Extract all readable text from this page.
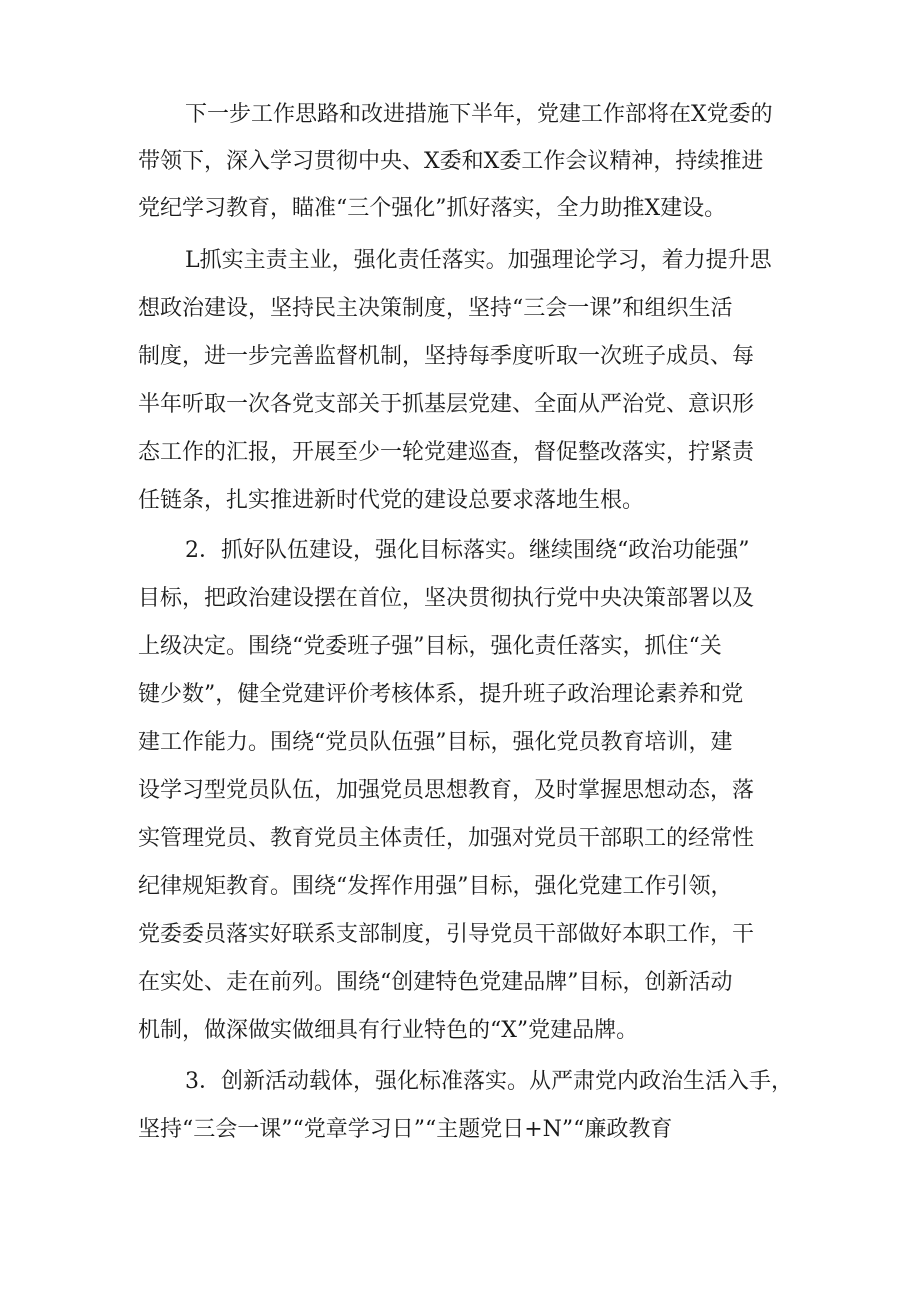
下一步工作思路和改进措施下半年，党建工作部将在X党委的

带领下，深入学习贯彻中央、X委和X委工作会议精神，持续推进

党纪学习教育，瞄准“三个强化”抓好落实，全力助推X建设。

L抓实主责主业，强化责任落实。加强理论学习，着力提升思

想政治建设，坚持民主决策制度，坚持“三会一课”和组织生活

制度，进一步完善监督机制，坚持每季度听取一次班子成员、每

半年听取一次各党支部关于抓基层党建、全面从严治党、意识形

态工作的汇报，开展至少一轮党建巡查，督促整改落实，拧紧责

任链条，扎实推进新时代党的建设总要求落地生根。

2．抓好队伍建设，强化目标落实。继续围绕“政治功能强”

目标，把政治建设摆在首位，坚决贯彻执行党中央决策部署以及

上级决定。围绕“党委班子强”目标，强化责任落实，抓住“关

键少数”，健全党建评价考核体系，提升班子政治理论素养和党

建工作能力。围绕“党员队伍强”目标，强化党员教育培训，建

设学习型党员队伍，加强党员思想教育，及时掌握思想动态，落

实管理党员、教育党员主体责任，加强对党员干部职工的经常性

纪律规矩教育。围绕“发挥作用强”目标，强化党建工作引领，

党委委员落实好联系支部制度，引导党员干部做好本职工作，干

在实处、走在前列。围绕“创建特色党建品牌”目标，创新活动

机制，做深做实做细具有行业特色的“X”党建品牌。

3．创新活动载体，强化标准落实。从严肃党内政治生活入手，

坚持“三会一课”“党章学习日”“主题党日+N”“廉政教育
